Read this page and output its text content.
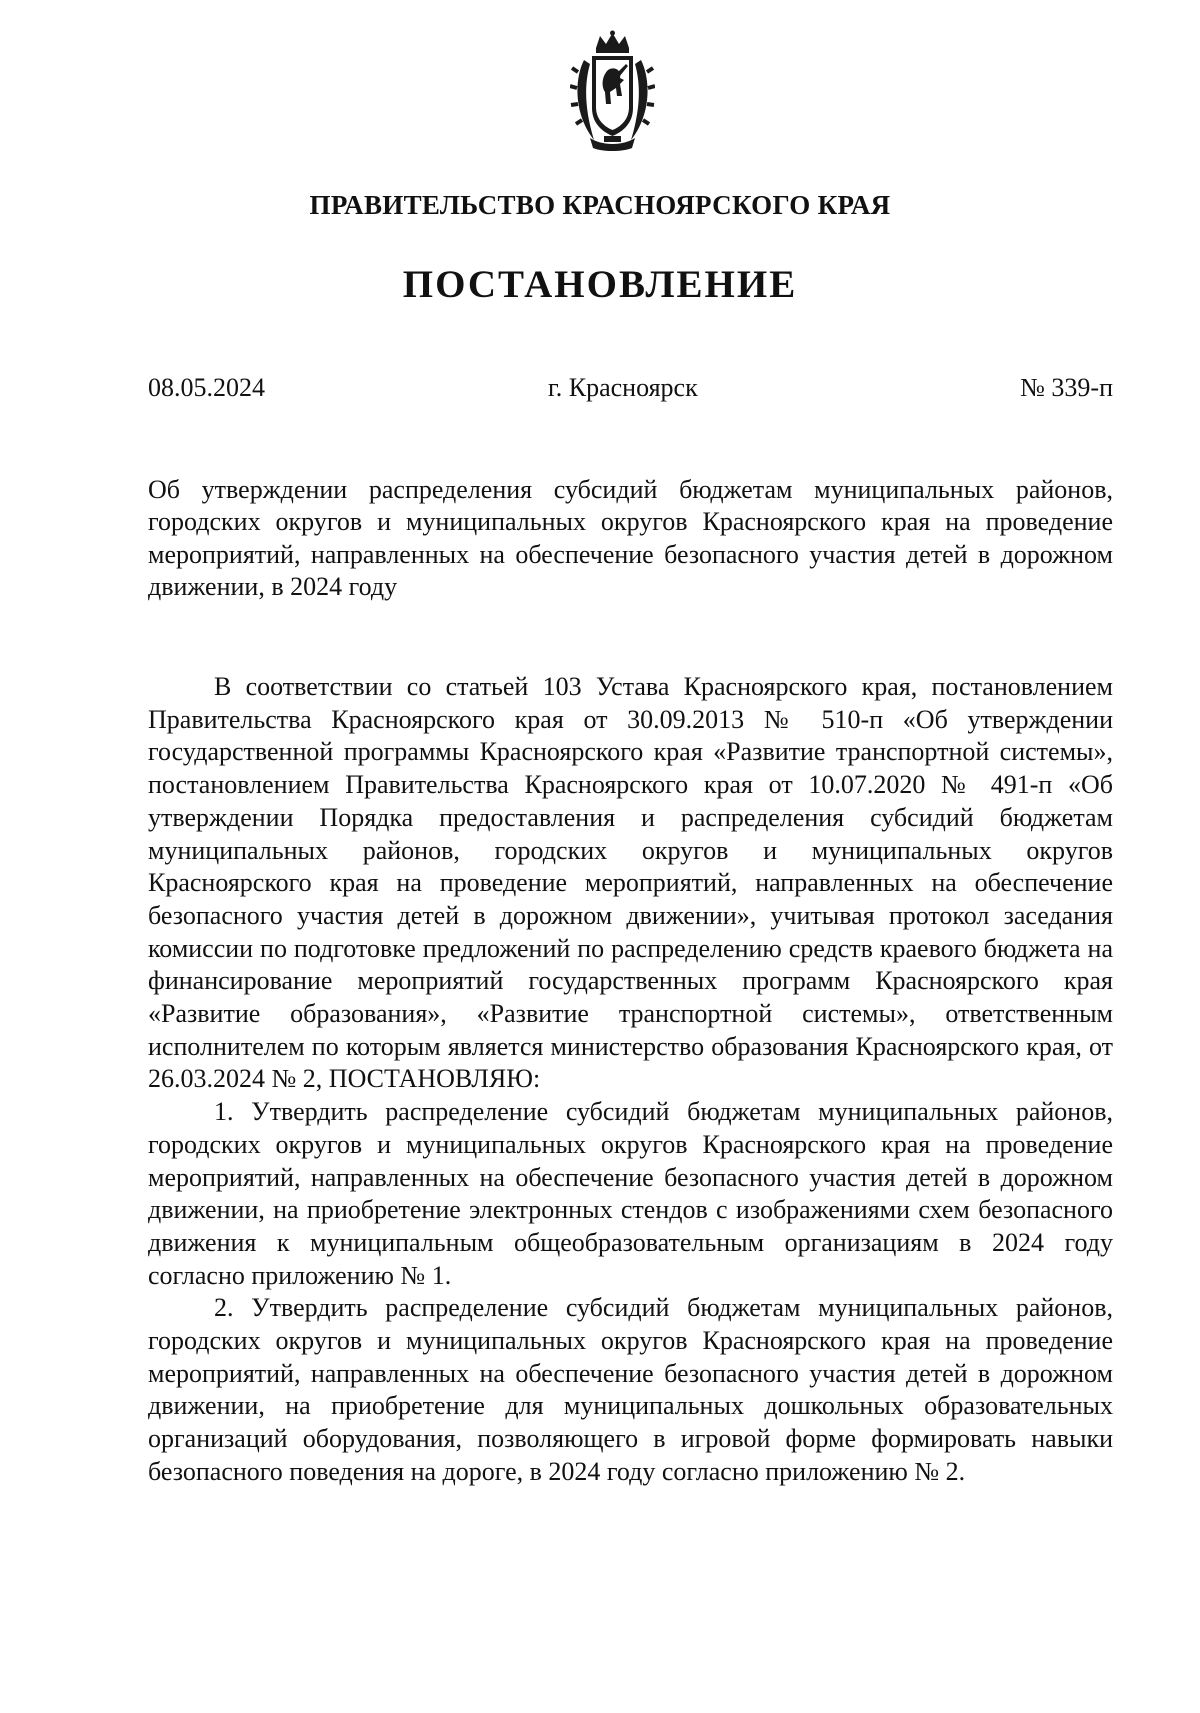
ПРАВИТЕЛЬСТВО КРАСНОЯРСКОГО КРАЯ
ПОСТАНОВЛЕНИЕ
08.05.2024	г. Красноярск	№ 339-п
Об утверждении распределения субсидий бюджетам муниципальных районов, городских округов и муниципальных округов Красноярского края на проведение мероприятий, направленных на обеспечение безопасного участия детей в дорожном движении, в 2024 году

В соответствии со статьей 103 Устава Красноярского края, постановлением Правительства Красноярского края от 30.09.2013 № 510-п «Об утверждении государственной программы Красноярского края «Развитие транспортной системы», постановлением Правительства Красноярского края от 10.07.2020 № 491-п «Об утверждении Порядка предоставления и распределения субсидий бюджетам муниципальных районов, городских округов и муниципальных округов Красноярского края на проведение мероприятий, направленных на обеспечение безопасного участия детей в дорожном движении», учитывая протокол заседания комиссии по подготовке предложений по распределению средств краевого бюджета на финансирование мероприятий государственных программ Красноярского края «Развитие образования», «Развитие транспортной системы», ответственным исполнителем по которым является министерство образования Красноярского края, от 26.03.2024 № 2, ПОСТАНОВЛЯЮ:

1. Утвердить распределение субсидий бюджетам муниципальных районов, городских округов и муниципальных округов Красноярского края на проведение мероприятий, направленных на обеспечение безопасного участия детей в дорожном движении, на приобретение электронных стендов с изображениями схем безопасного движения к муниципальным общеобразовательным организациям в 2024 году согласно приложению № 1.

2. Утвердить распределение субсидий бюджетам муниципальных районов, городских округов и муниципальных округов Красноярского края на проведение мероприятий, направленных на обеспечение безопасного участия детей в дорожном движении, на приобретение для муниципальных дошкольных образовательных организаций оборудования, позволяющего в игровой форме формировать навыки безопасного поведения на дороге, в 2024 году согласно приложению № 2.
